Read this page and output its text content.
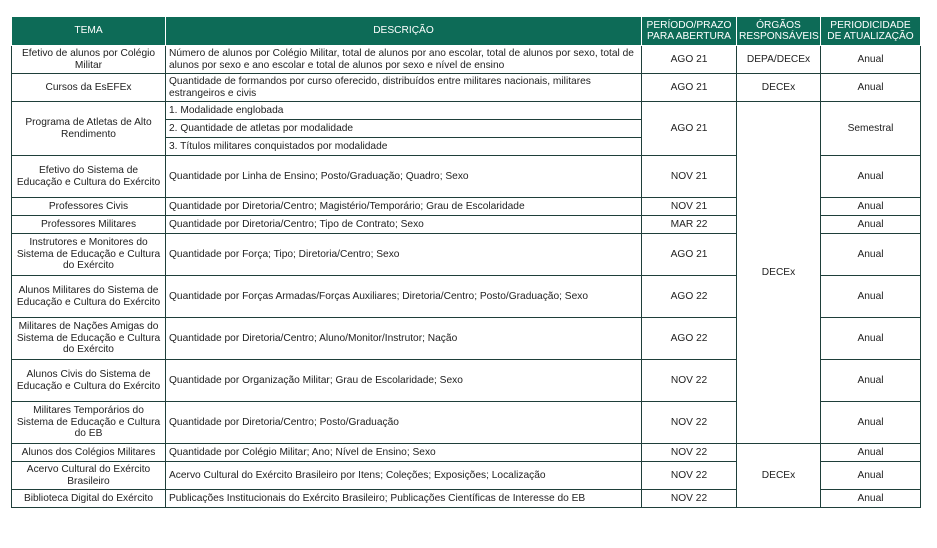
TEMA	DESCRIÇÃO	PERÍODO/PRAZO PARA ABERTURA	ÓRGÃOS RESPONSÁVEIS	PERIODICIDADE DE ATUALIZAÇÃO
Efetivo de alunos por Colégio Militar	Número de alunos por Colégio Militar, total de alunos por ano escolar, total de alunos por sexo, total de alunos por sexo e ano escolar e total de alunos por sexo e nível de ensino	AGO 21	DEPA/DECEx	Anual
Cursos da EsEFEx	Quantidade de formandos por curso oferecido, distribuídos entre militares nacionais, militares estrangeiros e civis	AGO 21	DECEx	Anual
Programa de Atletas de Alto Rendimento	1. Modalidade englobada	AGO 21	DECEx	Semestral
	2. Quantidade de atletas por modalidade			
	3. Títulos militares conquistados por modalidade			
Efetivo do Sistema de Educação e Cultura do Exército	Quantidade por Linha de Ensino; Posto/Graduação; Quadro; Sexo	NOV 21		Anual
Professores Civis	Quantidade por Diretoria/Centro; Magistério/Temporário; Grau de Escolaridade	NOV 21		Anual
Professores Militares	Quantidade por Diretoria/Centro; Tipo de Contrato; Sexo	MAR 22		Anual
Instrutores e Monitores do Sistema de Educação e Cultura do Exército	Quantidade por Força; Tipo; Diretoria/Centro; Sexo	AGO 21		Anual
Alunos Militares do Sistema de Educação e Cultura do Exército	Quantidade por Forças Armadas/Forças Auxiliares; Diretoria/Centro; Posto/Graduação; Sexo	AGO 22		Anual
Militares de Nações Amigas do Sistema de Educação e Cultura do Exército	Quantidade por Diretoria/Centro; Aluno/Monitor/Instrutor; Nação	AGO 22		Anual
Alunos Civis do Sistema de Educação e Cultura do Exército	Quantidade por Organização Militar; Grau de Escolaridade; Sexo	NOV 22		Anual
Militares Temporários do Sistema de Educação e Cultura do EB	Quantidade por Diretoria/Centro; Posto/Graduação	NOV 22		Anual
Alunos dos Colégios Militares	Quantidade por Colégio Militar; Ano; Nível de Ensino; Sexo	NOV 22	DECEx	Anual
Acervo Cultural do Exército Brasileiro	Acervo Cultural do Exército Brasileiro por Itens; Coleções; Exposições; Localização	NOV 22		Anual
Biblioteca Digital do Exército	Publicações Institucionais do Exército Brasileiro; Publicações Científicas de Interesse do EB	NOV 22		Anual
